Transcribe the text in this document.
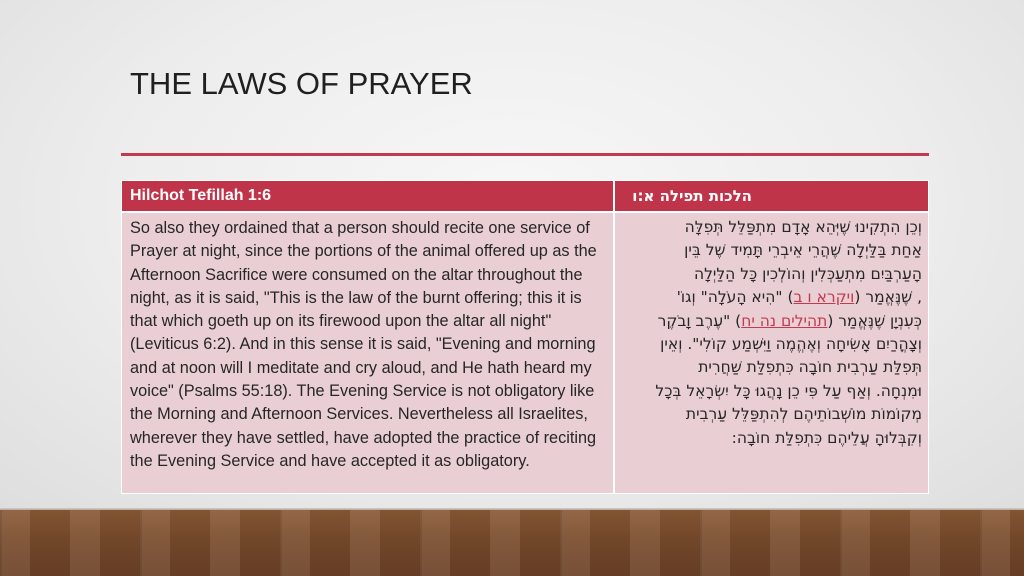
THE LAWS OF PRAYER
Hilchot Tefillah 1:6	הלכות תפילה א:ו
So also they ordained that a person should recite one service of Prayer at night, since the portions of the animal offered up as the Afternoon Sacrifice were consumed on the altar throughout the night, as it is said, "This is the law of the burnt offering; this it is that which goeth up on its firewood upon the altar all night" (Leviticus 6:2). And in this sense it is said, "Evening and morning and at noon will I meditate and cry aloud, and He hath heard my voice" (Psalms 55:18). The Evening Service is not obligatory like the Morning and Afternoon Services. Nevertheless all Israelites, wherever they have settled, have adopted the practice of reciting the Evening Service and have accepted it as obligatory.
וְכֵן הִתְקִינוּ שֶׁיְּהֵא אָדָם מִתְפַּלֵּל תְּפִלָּה
אַחַת בַּלַּיְלָה שֶׁהֲרֵי אֵיבְרֵי תָּמִיד שֶׁל בֵּין
הָעַרְבַּיִם מִתְעַכְּלִין וְהוֹלְכִין כָּל הַלַּיְלָה
, שֶׁנֶּאֱמַר (ויקרא ו ב) "הִיא הָעֹלָה" וְגוֹ'
כְּעִנְיָן שֶׁנֶּאֱמַר (תהילים נה יח) "עֶרֶב וָבֹקֶר
וְצָהֳרַיִם אָשִׂיחָה וְאֶהֱמֶה וַיִּשְׁמַע קוֹלִי". וְאֵין
תְּפִלַּת עַרְבִית חוֹבָה כִּתְפִלַּת שַׁחֲרִית
וּמִנְחָה. וְאַף עַל פִּי כֵן נָהֲגוּ כָּל יִשְׂרָאֵל בְּכָל
מְקוֹמוֹת מוֹשְׁבוֹתֵיהֶם לְהִתְפַּלֵּל עַרְבִית
וְקִבְּלוּהָ עֲלֵיהֶם כִּתְפִלַּת חוֹבָה:
